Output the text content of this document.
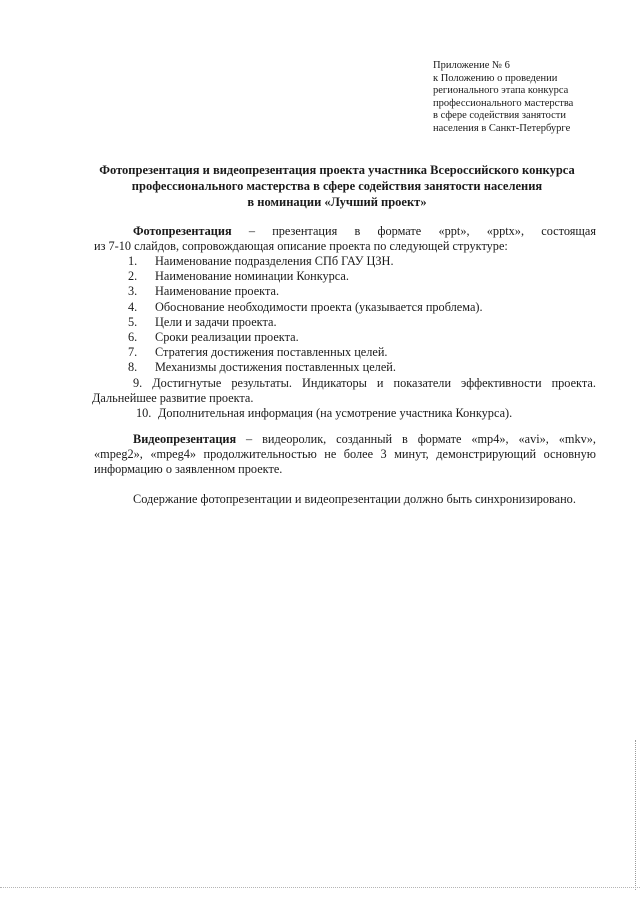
Приложение № 6
к Положению о проведении
регионального этапа конкурса
профессионального мастерства
в сфере содействия занятости
населения в Санкт-Петербурге
Фотопрезентация и видеопрезентация проекта участника Всероссийского конкурса
профессионального мастерства в сфере содействия занятости населения
в номинации «Лучший проект»
Фотопрезентация – презентация в формате «ppt», «pptx», состоящая
из 7-10 слайдов, сопровождающая описание проекта по следующей структуре:
1.	Наименование подразделения СПб ГАУ ЦЗН.
2.	Наименование номинации Конкурса.
3.	Наименование проекта.
4.	Обоснование необходимости проекта (указывается проблема).
5.	Цели и задачи проекта.
6.	Сроки реализации проекта.
7.	Стратегия достижения поставленных целей.
8.	Механизмы достижения поставленных целей.
9. Достигнутые результаты. Индикаторы и показатели эффективности проекта.
Дальнейшее развитие проекта.
10. Дополнительная информация (на усмотрение участника Конкурса).
Видеопрезентация – видеоролик, созданный в формате «mp4», «avi», «mkv»,
«mpeg2», «mpeg4» продолжительностью не более 3 минут, демонстрирующий основную
информацию о заявленном проекте.
Содержание фотопрезентации и видеопрезентации должно быть синхронизировано.
